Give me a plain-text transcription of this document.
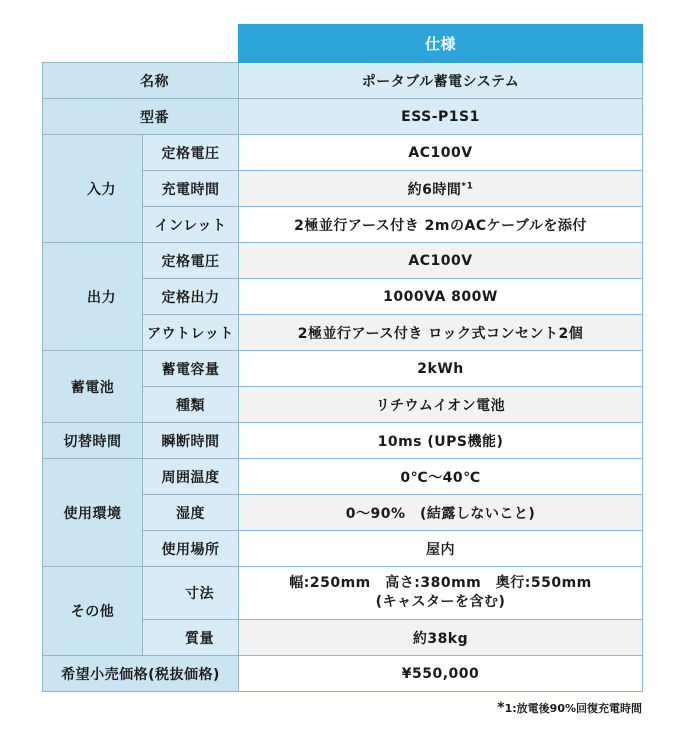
		仕様
名称		ポータブル蓄電システム
型番		ESS-P1S1
入力	定格電圧	AC100V
	充電時間	約6時間$^{*1}$
	インレット	2極並行アース付き 2mのACケーブルを添付
出力	定格電圧	AC100V
	定格出力	1000VA 800W
	アウトレット	2極並行アース付き ロック式コンセント2個
蓄電池	蓄電容量	2kWh
	種類	リチウムイオン電池
切替時間	瞬断時間	10ms (UPS機能)
使用環境	周囲温度	0℃～40℃
	湿度	0～90%　(結露しないこと)
	使用場所	屋内
その他	寸法	幅:250mm　高さ:380mm　奥行:550mm
(キャスターを含む)

	質量	約38kg
希望小売価格(税抜価格)		¥550,000
*1:放電後90%回復充電時間
